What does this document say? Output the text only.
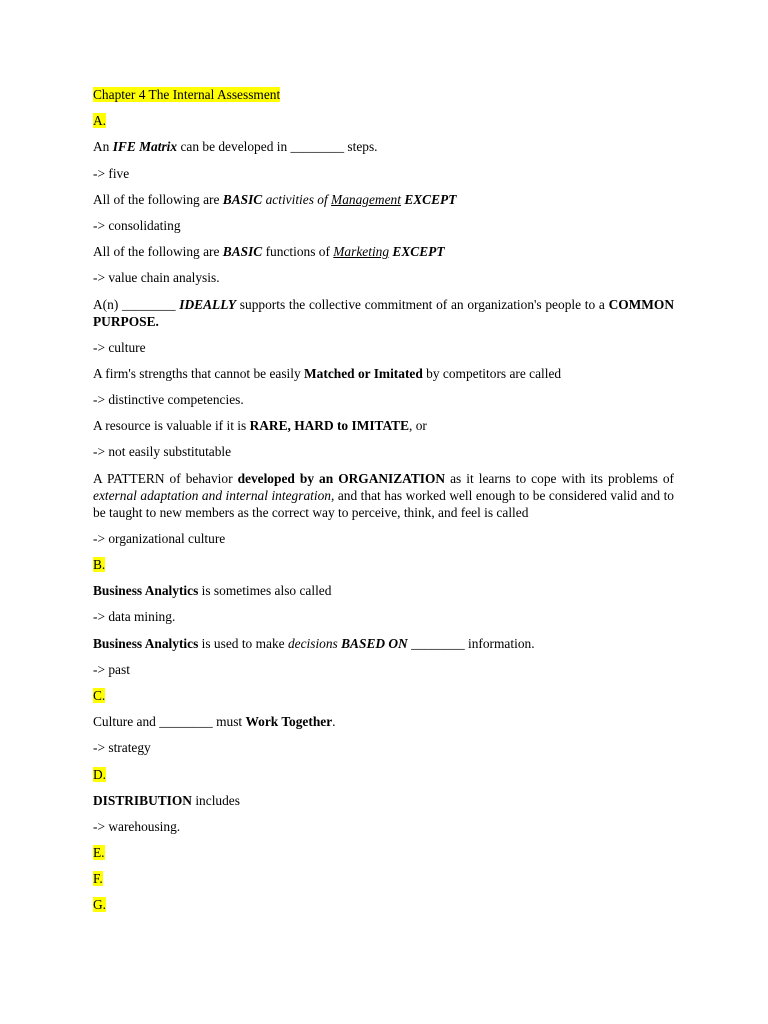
Chapter 4 The Internal Assessment

A.

An IFE Matrix can be developed in ________ steps.

-> five

All of the following are BASIC activities of Management EXCEPT

-> consolidating

All of the following are BASIC functions of Marketing EXCEPT

-> value chain analysis.

A(n) ________ IDEALLY supports the collective commitment of an organization's people to a COMMON PURPOSE.

-> culture

A firm's strengths that cannot be easily Matched or Imitated by competitors are called

-> distinctive competencies.

A resource is valuable if it is RARE, HARD to IMITATE, or

-> not easily substitutable

A PATTERN of behavior developed by an ORGANIZATION as it learns to cope with its problems of external adaptation and internal integration, and that has worked well enough to be considered valid and to be taught to new members as the correct way to perceive, think, and feel is called

-> organizational culture

B.

Business Analytics is sometimes also called

-> data mining.

Business Analytics is used to make decisions BASED ON ________ information.

-> past

C.

Culture and ________ must Work Together.

-> strategy

D.

DISTRIBUTION includes

-> warehousing.

E.

F.

G.
